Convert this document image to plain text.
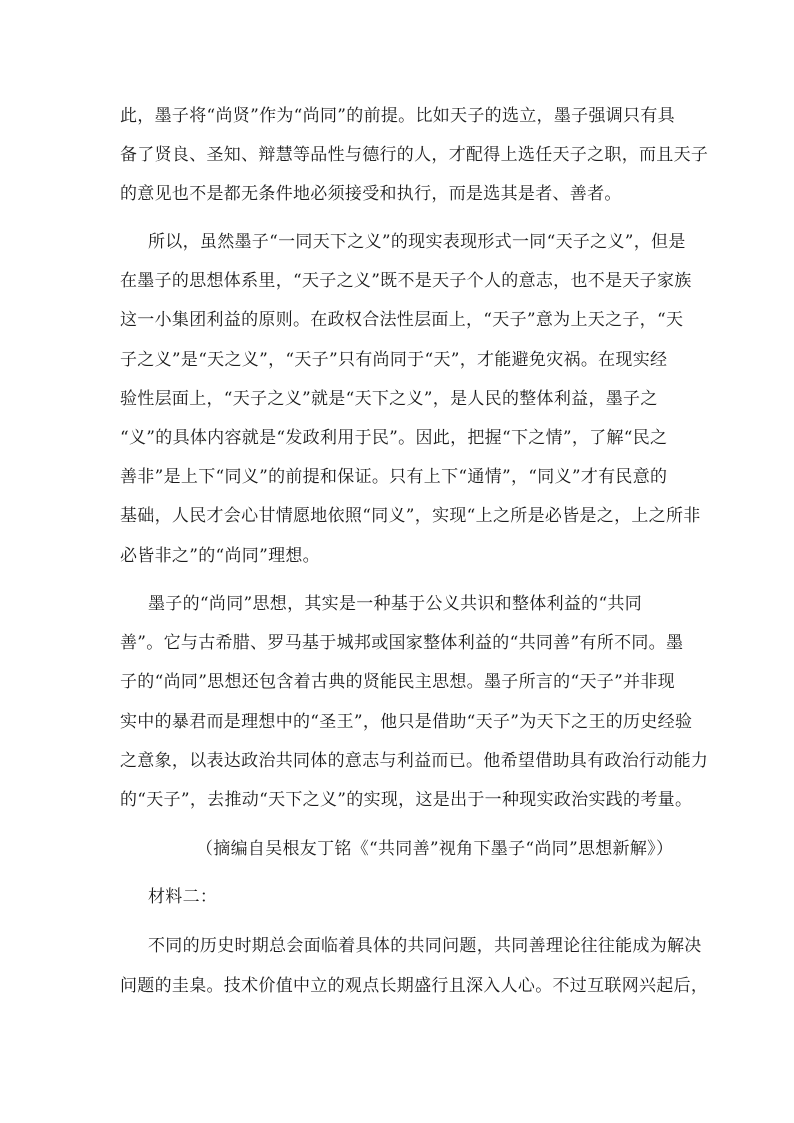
此，墨子将“尚贤”作为“尚同”的前提。比如天子的选立，墨子强调只有具
备了贤良、圣知、辩慧等品性与德行的人，才配得上选任天子之职，而且天子
的意见也不是都无条件地必须接受和执行，而是选其是者、善者。
所以，虽然墨子“一同天下之义”的现实表现形式一同“天子之义”，但是
在墨子的思想体系里，“天子之义”既不是天子个人的意志，也不是天子家族
这一小集团利益的原则。在政权合法性层面上，“天子”意为上天之子，“天
子之义”是“天之义”，“天子”只有尚同于“天”，才能避免灾祸。在现实经
验性层面上，“天子之义”就是“天下之义”，是人民的整体利益，墨子之
“义”的具体内容就是“发政利用于民”。因此，把握“下之情”，了解“民之
善非”是上下“同义”的前提和保证。只有上下“通情”，“同义”才有民意的
基础，人民才会心甘情愿地依照“同义”，实现“上之所是必皆是之，上之所非
必皆非之”的“尚同”理想。
墨子的“尚同”思想，其实是一种基于公义共识和整体利益的“共同
善”。它与古希腊、罗马基于城邦或国家整体利益的“共同善”有所不同。墨
子的“尚同”思想还包含着古典的贤能民主思想。墨子所言的“天子”并非现
实中的暴君而是理想中的“圣王”，他只是借助“天子”为天下之王的历史经验
之意象，以表达政治共同体的意志与利益而已。他希望借助具有政治行动能力
的“天子”，去推动“天下之义”的实现，这是出于一种现实政治实践的考量。
（摘编自吴根友丁铭《“共同善”视角下墨子“尚同”思想新解》）
材料二：
不同的历史时期总会面临着具体的共同问题，共同善理论往往能成为解决
问题的圭臬。技术价值中立的观点长期盛行且深入人心。不过互联网兴起后，
